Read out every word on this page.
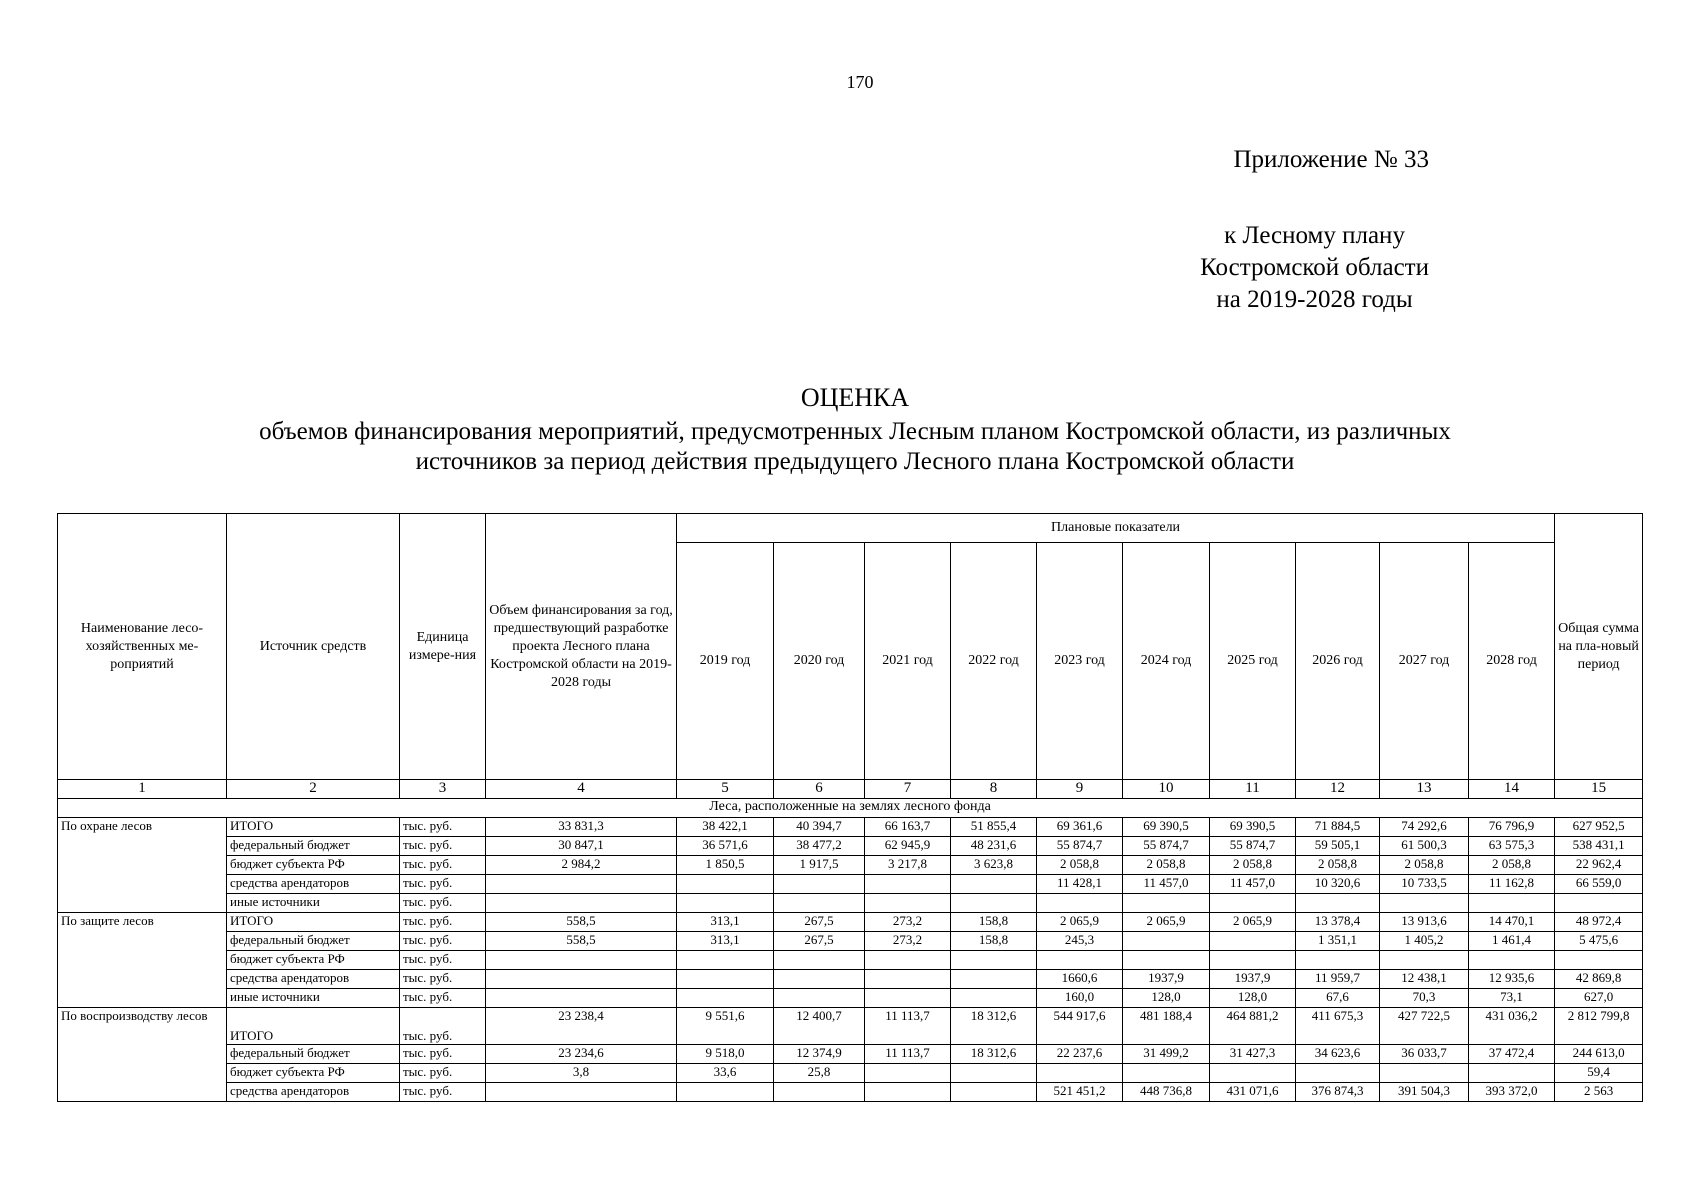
170
Приложение № 33
к Лесному плану
Костромской области
на 2019-2028 годы
ОЦЕНКА
объемов финансирования мероприятий, предусмотренных Лесным планом Костромской области, из различных
источников за период действия предыдущего Лесного плана Костромской области
Наименование лесо-хозяйственных ме-роприятий	Источник средств	Единица измере-ния	Объем финансирования за год, предшествующий разработке проекта Лесного плана Костромской области на 2019-2028 годы	Плановые показатели										Общая сумма на пла-новый период
				2019 год	2020 год	2021 год	2022 год	2023 год	2024 год	2025 год	2026 год	2027 год	2028 год	
1	2	3	4	5	6	7	8	9	10	11	12	13	14	15
Леса, расположенные на землях лесного фонда														
По охране лесов	ИТОГО	тыс. руб.	33 831,3	38 422,1	40 394,7	66 163,7	51 855,4	69 361,6	69 390,5	69 390,5	71 884,5	74 292,6	76 796,9	627 952,5
	федеральный бюджет	тыс. руб.	30 847,1	36 571,6	38 477,2	62 945,9	48 231,6	55 874,7	55 874,7	55 874,7	59 505,1	61 500,3	63 575,3	538 431,1
	бюджет субъекта РФ	тыс. руб.	2 984,2	1 850,5	1 917,5	3 217,8	3 623,8	2 058,8	2 058,8	2 058,8	2 058,8	2 058,8	2 058,8	22 962,4
	средства арендаторов	тыс. руб.						11 428,1	11 457,0	11 457,0	10 320,6	10 733,5	11 162,8	66 559,0
	иные источники	тыс. руб.												
По защите лесов	ИТОГО	тыс. руб.	558,5	313,1	267,5	273,2	158,8	2 065,9	2 065,9	2 065,9	13 378,4	13 913,6	14 470,1	48 972,4
	федеральный бюджет	тыс. руб.	558,5	313,1	267,5	273,2	158,8	245,3			1 351,1	1 405,2	1 461,4	5 475,6
	бюджет субъекта РФ	тыс. руб.												
	средства арендаторов	тыс. руб.						1660,6	1937,9	1937,9	11 959,7	12 438,1	12 935,6	42 869,8
	иные источники	тыс. руб.						160,0	128,0	128,0	67,6	70,3	73,1	627,0
По воспроизводству лесов	ИТОГО	тыс. руб.	23 238,4	9 551,6	12 400,7	11 113,7	18 312,6	544 917,6	481 188,4	464 881,2	411 675,3	427 722,5	431 036,2	2 812 799,8
	федеральный бюджет	тыс. руб.	23 234,6	9 518,0	12 374,9	11 113,7	18 312,6	22 237,6	31 499,2	31 427,3	34 623,6	36 033,7	37 472,4	244 613,0
	бюджет субъекта РФ	тыс. руб.	3,8	33,6	25,8									59,4
	средства арендаторов	тыс. руб.						521 451,2	448 736,8	431 071,6	376 874,3	391 504,3	393 372,0	2 563
